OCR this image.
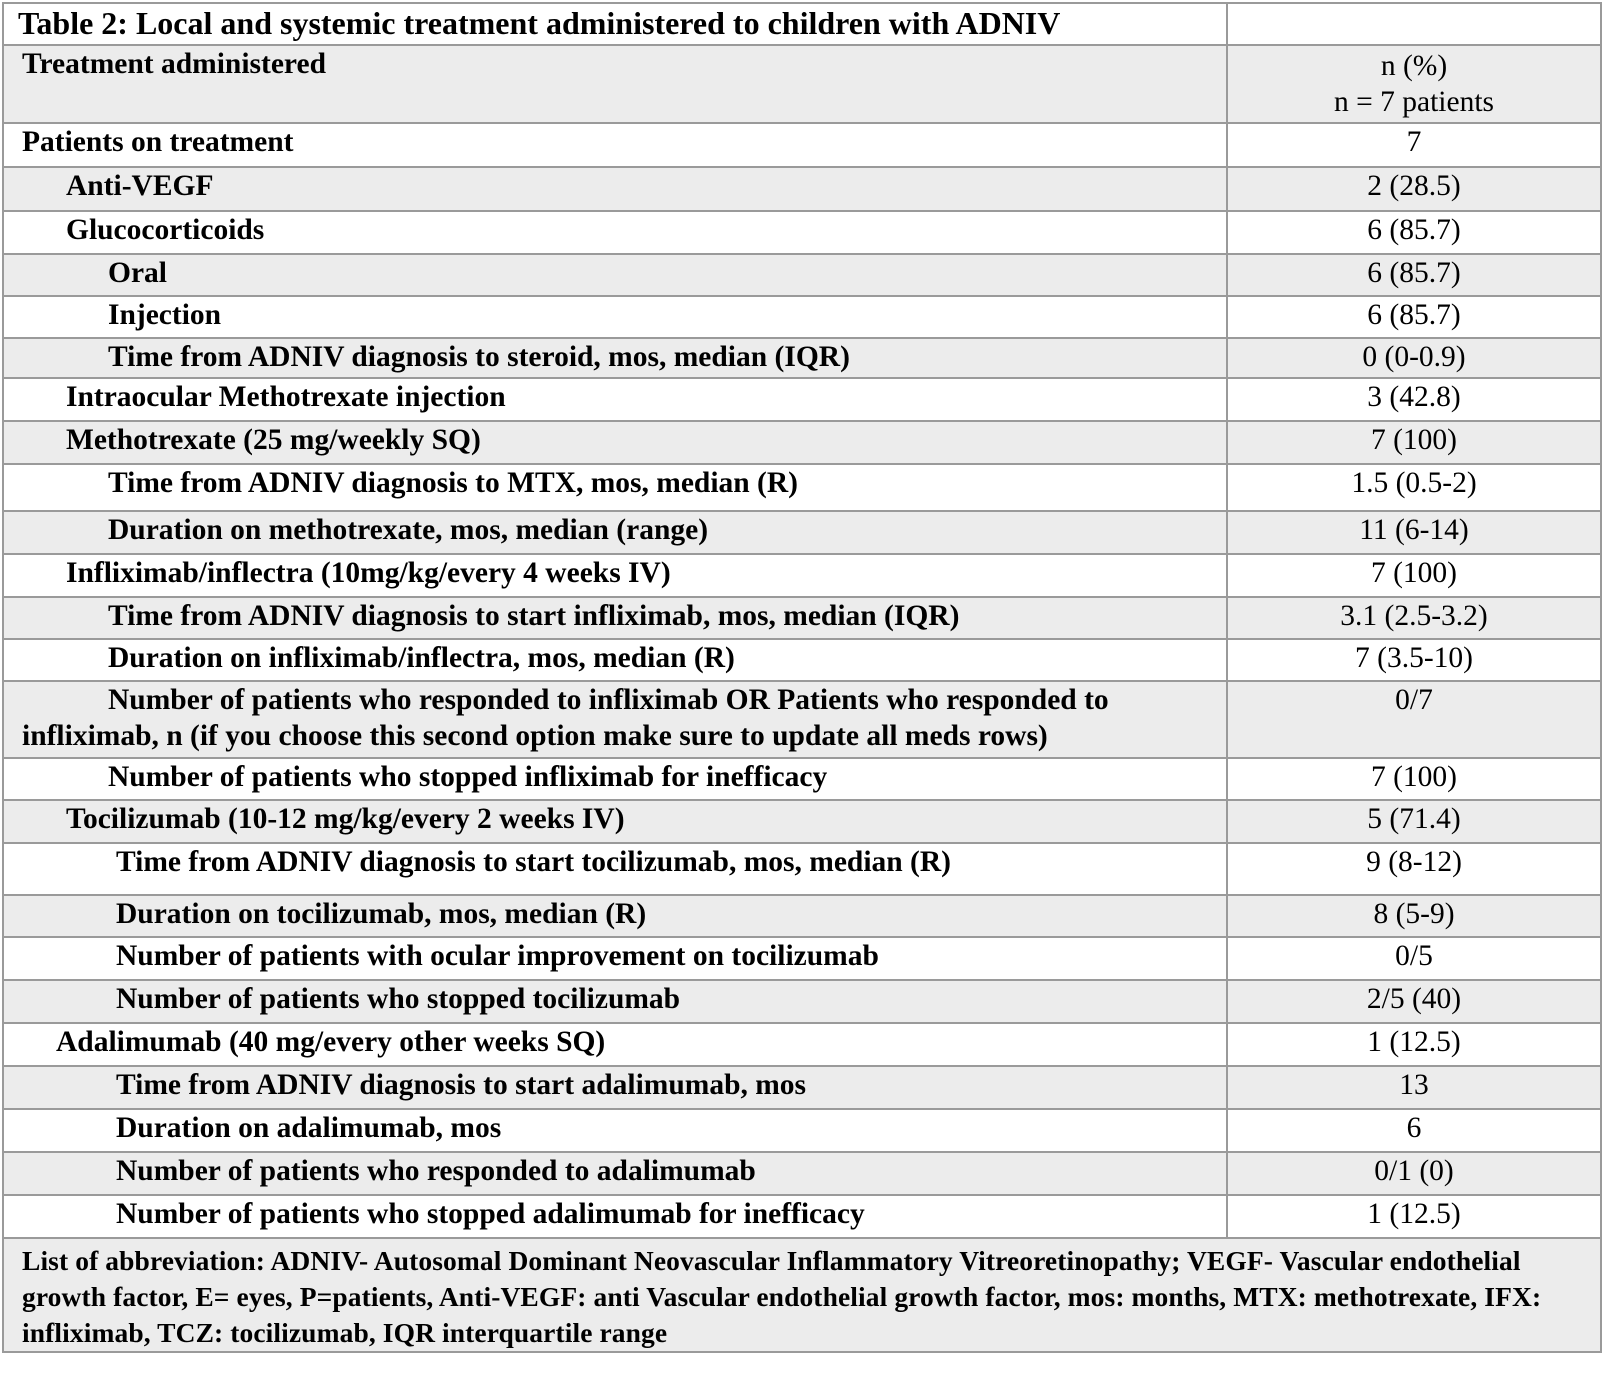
Table 2: Local and systemic treatment administered to children with ADNIV	
Treatment administered	n (%)
n = 7 patients

Patients on treatment	7
Anti-VEGF	2 (28.5)
Glucocorticoids	6 (85.7)
Oral	6 (85.7)
Injection	6 (85.7)
Time from ADNIV diagnosis to steroid, mos, median (IQR)	0 (0-0.9)
Intraocular Methotrexate injection	3 (42.8)
Methotrexate (25 mg/weekly SQ)	7 (100)
Time from ADNIV diagnosis to MTX, mos, median (R)	1.5 (0.5-2)
Duration on methotrexate, mos, median (range)	11 (6-14)
Infliximab/inflectra (10mg/kg/every 4 weeks IV)	7 (100)
Time from ADNIV diagnosis to start infliximab, mos, median (IQR)	3.1 (2.5-3.2)
Duration on infliximab/inflectra, mos, median (R)	7 (3.5-10)
Number of patients who responded to infliximab OR Patients who responded to infliximab, n (if you choose this second option make sure to update all meds rows)	0/7
Number of patients who stopped infliximab for inefficacy	7 (100)
Tocilizumab (10-12 mg/kg/every 2 weeks IV)	5 (71.4)
Time from ADNIV diagnosis to start tocilizumab, mos, median (R)	9 (8-12)
Duration on tocilizumab, mos, median (R)	8 (5-9)
Number of patients with ocular improvement on tocilizumab	0/5
Number of patients who stopped tocilizumab	2/5 (40)
Adalimumab (40 mg/every other weeks SQ)	1 (12.5)
Time from ADNIV diagnosis to start adalimumab, mos	13
Duration on adalimumab, mos	6
Number of patients who responded to adalimumab	0/1 (0)
Number of patients who stopped adalimumab for inefficacy	1 (12.5)
List of abbreviation: ADNIV- Autosomal Dominant Neovascular Inflammatory Vitreoretinopathy; VEGF- Vascular endothelial growth factor, E= eyes, P=patients, Anti-VEGF: anti Vascular endothelial growth factor, mos: months, MTX: methotrexate, IFX: infliximab, TCZ: tocilizumab, IQR interquartile range	
